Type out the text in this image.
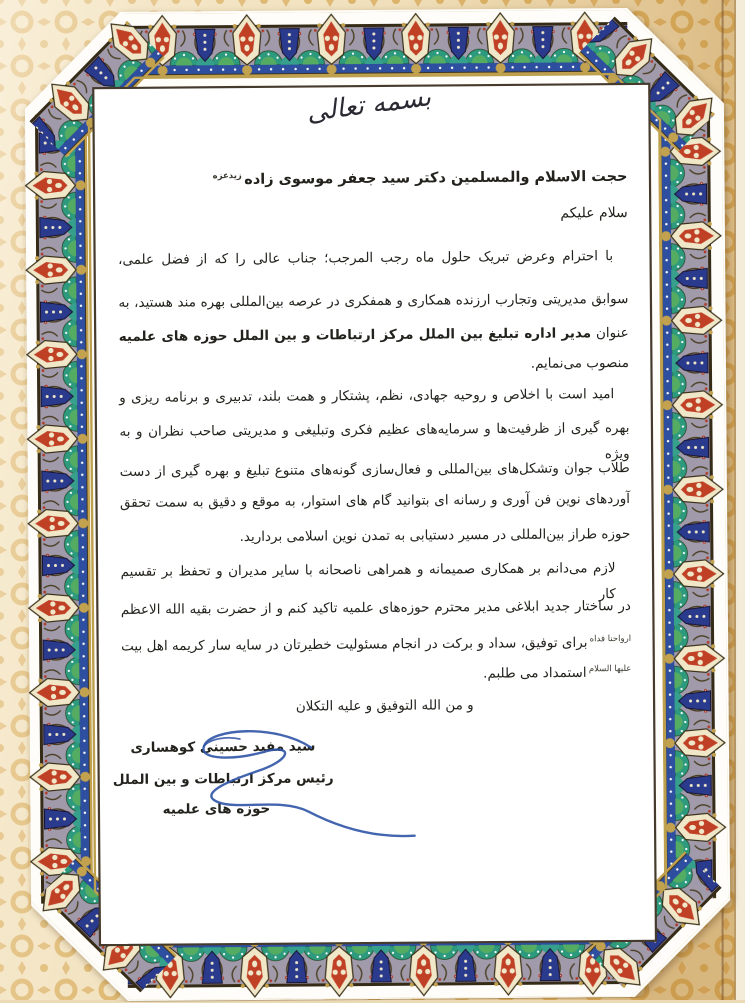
بسمه تعالی
حجت الاسلام والمسلمین دکتر سید جعفر موسوی زاده $^{زیدعزه}$
سلام علیکم
با احترام وعرض تبریک حلول ماه رجب المرجب؛ جناب عالی را که از فضل علمی،
سوابق مدیریتی وتجارب ارزنده همکاری و همفکری در عرصه بین‌المللی بهره مند هستید، به
عنوان مدیر اداره تبلیغ بین الملل مرکز ارتباطات و بین الملل حوزه های علمیه
منصوب می‌نمایم.
امید است با اخلاص و روحیه جهادی، نظم، پشتکار و همت بلند، تدبیری و برنامه ریزی و
بهره گیری از ظرفیت‌ها و سرمایه‌های عظیم فکری وتبلیغی و مدیریتی صاحب نظران و به ویژه
طلاب جوان وتشکل‌های بین‌المللی و فعال‌سازی گونه‌های متنوع تبلیغ و بهره گیری از دست
آوردهای نوین فن آوری و رسانه ای بتوانید گام های استوار، به موقع و دقیق به سمت تحقق
حوزه طراز بین‌المللی در مسیر دستیابی به تمدن نوین اسلامی بردارید.
لازم می‌دانم بر همکاری صمیمانه و همراهی ناصحانه با سایر مدیران و تحفظ بر تقسیم کار
در ساختار جدید ابلاغی مدیر محترم حوزه‌های علمیه تاکید کنم و از حضرت بقیه الله الاعظم
$^{ارواحنا فداه}$ برای توفیق، سداد و برکت در انجام مسئولیت خطیرتان در سایه سار کریمه اهل بیت
$^{علیها السلام}$ استمداد می طلبم.
و من الله التوفیق و علیه التکلان
سید مفید حسینی کوهساری
رئیس مرکز ارتباطات و بین الملل
حوزه های علمیه
